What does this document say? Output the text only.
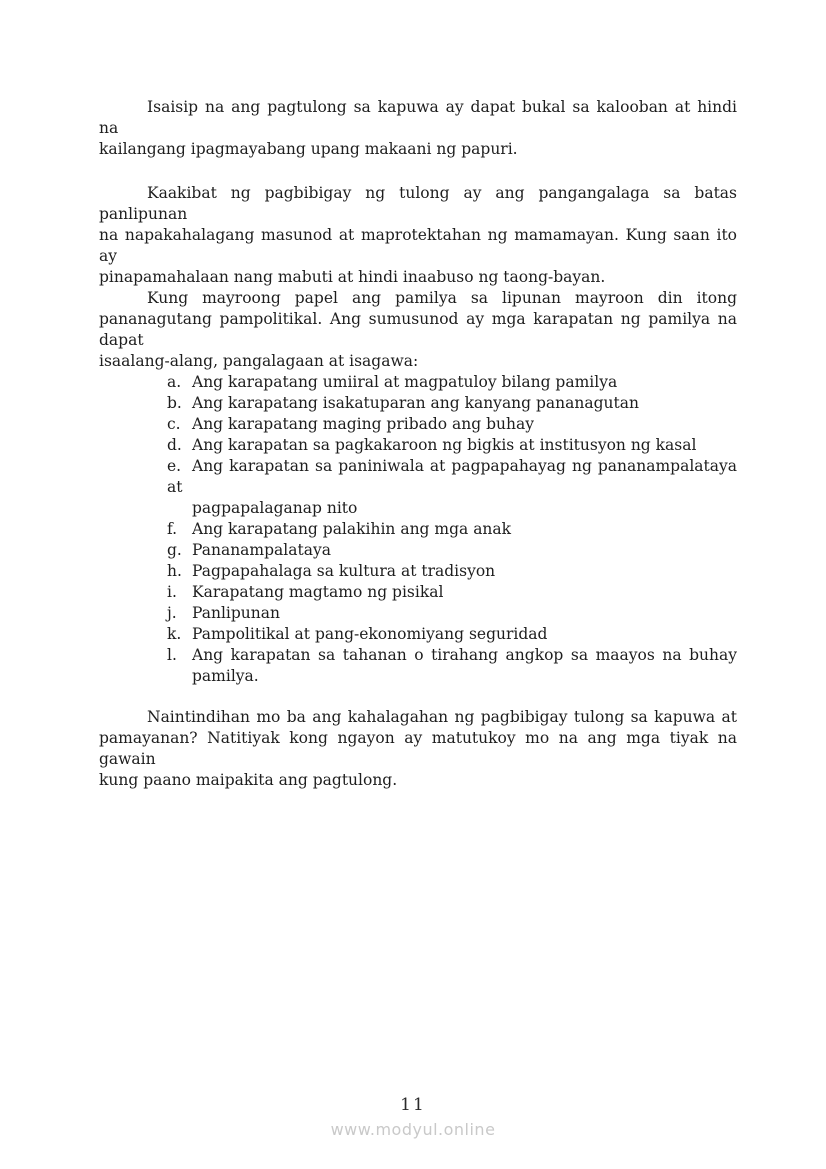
Isaisip na ang pagtulong sa kapuwa ay dapat bukal sa kalooban at hindi na
kailangang ipagmayabang upang makaani ng papuri.
Kaakibat ng pagbibigay ng tulong ay ang pangangalaga sa batas panlipunan
na napakahalagang masunod at maprotektahan ng mamamayan. Kung saan ito ay
pinapamahalaan nang mabuti at hindi inaabuso ng taong-bayan.
Kung mayroong papel ang pamilya sa lipunan mayroon din itong
pananagutang pampolitikal. Ang sumusunod ay mga karapatan ng pamilya na dapat
isaalang-alang, pangalagaan at isagawa:
a. Ang karapatang umiiral at magpatuloy bilang pamilya
b. Ang karapatang isakatuparan ang kanyang pananagutan
c. Ang karapatang maging pribado ang buhay
d. Ang karapatan sa pagkakaroon ng bigkis at institusyon ng kasal
e. Ang karapatan sa paniniwala at pagpapahayag ng pananampalataya at
pagpapalaganap nito
f. Ang karapatang palakihin ang mga anak
g. Pananampalataya
h. Pagpapahalaga sa kultura at tradisyon
i. Karapatang magtamo ng pisikal
j. Panlipunan
k. Pampolitikal at pang-ekonomiyang seguridad
l. Ang karapatan sa tahanan o tirahang angkop sa maayos na buhay
pamilya.
Naintindihan mo ba ang kahalagahan ng pagbibigay tulong sa kapuwa at
pamayanan? Natitiyak kong ngayon ay matutukoy mo na ang mga tiyak na gawain
kung paano maipakita ang pagtulong.
11
www.modyul.online
